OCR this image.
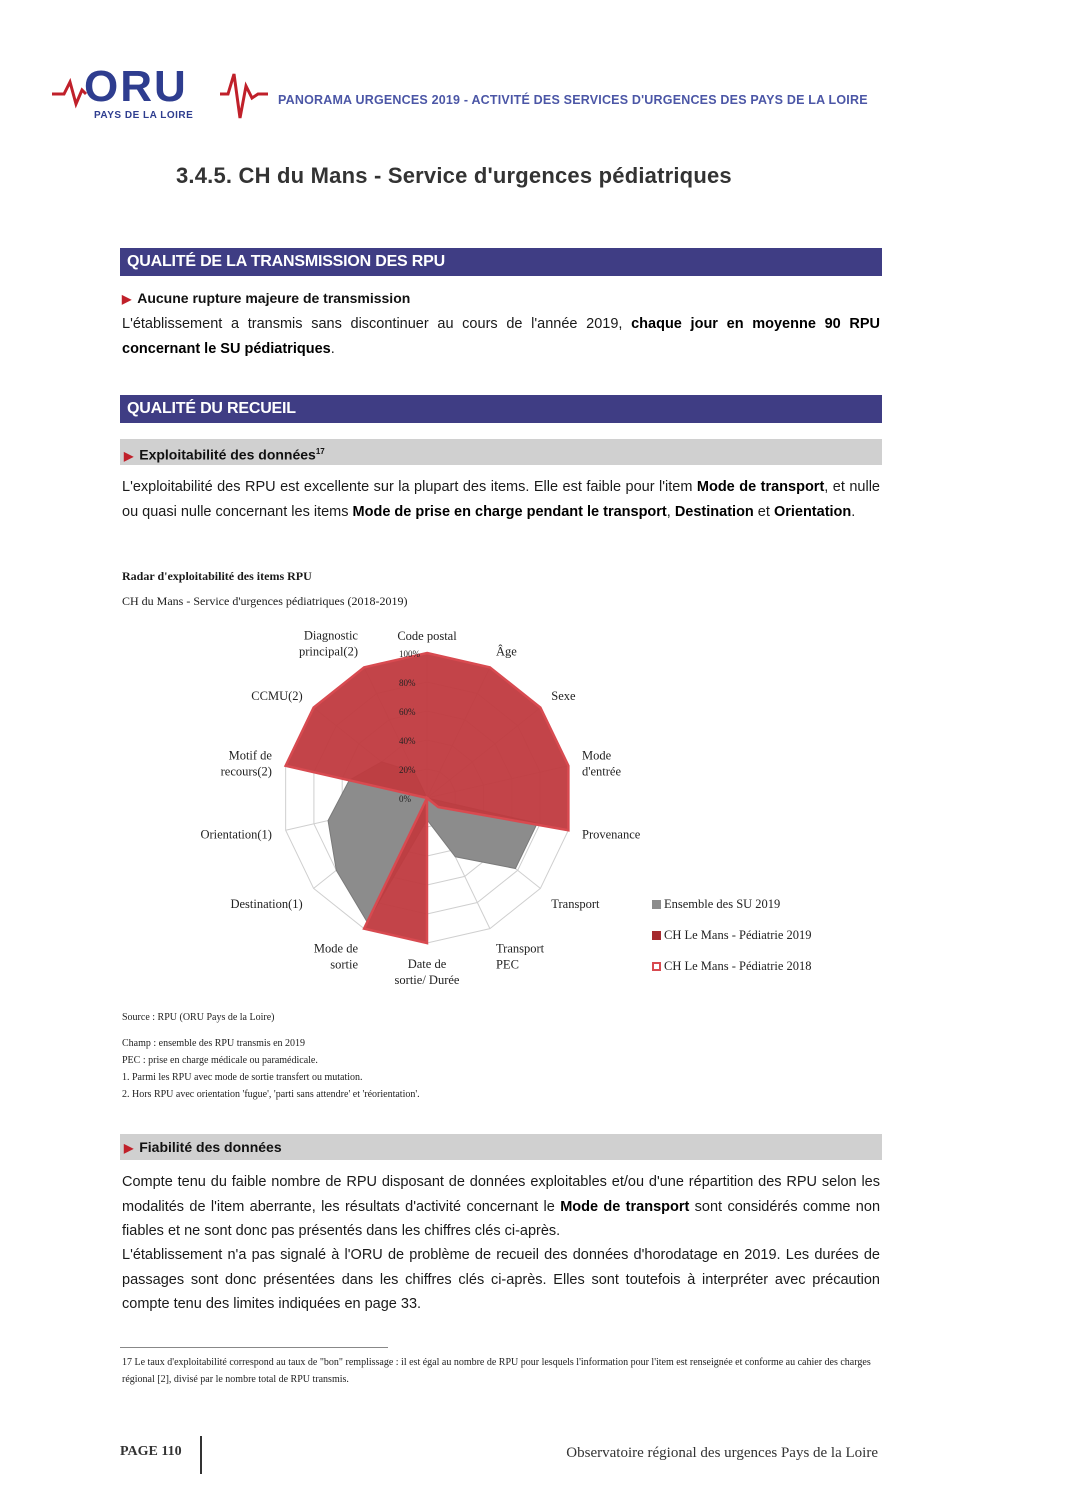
ORU
PAYS DE LA LOIRE
PANORAMA URGENCES 2019 - ACTIVITÉ DES SERVICES D'URGENCES DES PAYS DE LA LOIRE
3.4.5. CH du Mans - Service d'urgences pédiatriques
QUALITÉ DE LA TRANSMISSION DES RPU
▶ Aucune rupture majeure de transmission
L'établissement a transmis sans discontinuer au cours de l'année 2019, chaque jour en moyenne 90 RPU concernant le SU pédiatriques.
QUALITÉ DU RECUEIL
▶ Exploitabilité des données$^{17}$
L'exploitabilité des RPU est excellente sur la plupart des items. Elle est faible pour l'item Mode de transport, et nulle ou quasi nulle concernant les items Mode de prise en charge pendant le transport, Destination et Orientation.
Radar d'exploitabilité des items RPU
CH du Mans - Service d'urgences pédiatriques (2018-2019)
0%
20%
40%
60%
80%
100%
Code postal
Âge
Sexe
Mode d'entrée
Provenance
Transport
Transport PEC
Date de sortie/ Durée
Mode de sortie
Destination(1)
Orientation(1)
Motif de recours(2)
CCMU(2)
Diagnostic principal(2)
Ensemble des SU 2019
CH Le Mans - Pédiatrie 2019
CH Le Mans - Pédiatrie 2018
Source : RPU (ORU Pays de la Loire)
Champ : ensemble des RPU transmis en 2019
PEC : prise en charge médicale ou paramédicale.
1. Parmi les RPU avec mode de sortie transfert ou mutation.
2. Hors RPU avec orientation 'fugue', 'parti sans attendre' et 'réorientation'.
▶ Fiabilité des données
Compte tenu du faible nombre de RPU disposant de données exploitables et/ou d'une répartition des RPU selon les modalités de l'item aberrante, les résultats d'activité concernant le Mode de transport sont considérés comme non fiables et ne sont donc pas présentés dans les chiffres clés ci-après.
L'établissement n'a pas signalé à l'ORU de problème de recueil des données d'horodatage en 2019. Les durées de passages sont donc présentées dans les chiffres clés ci-après. Elles sont toutefois à interpréter avec précaution compte tenu des limites indiquées en page 33.
17 Le taux d'exploitabilité correspond au taux de "bon" remplissage : il est égal au nombre de RPU pour lesquels l'information pour l'item est renseignée et conforme au cahier des charges régional [2], divisé par le nombre total de RPU transmis.
PAGE 110	Observatoire régional des urgences Pays de la Loire
